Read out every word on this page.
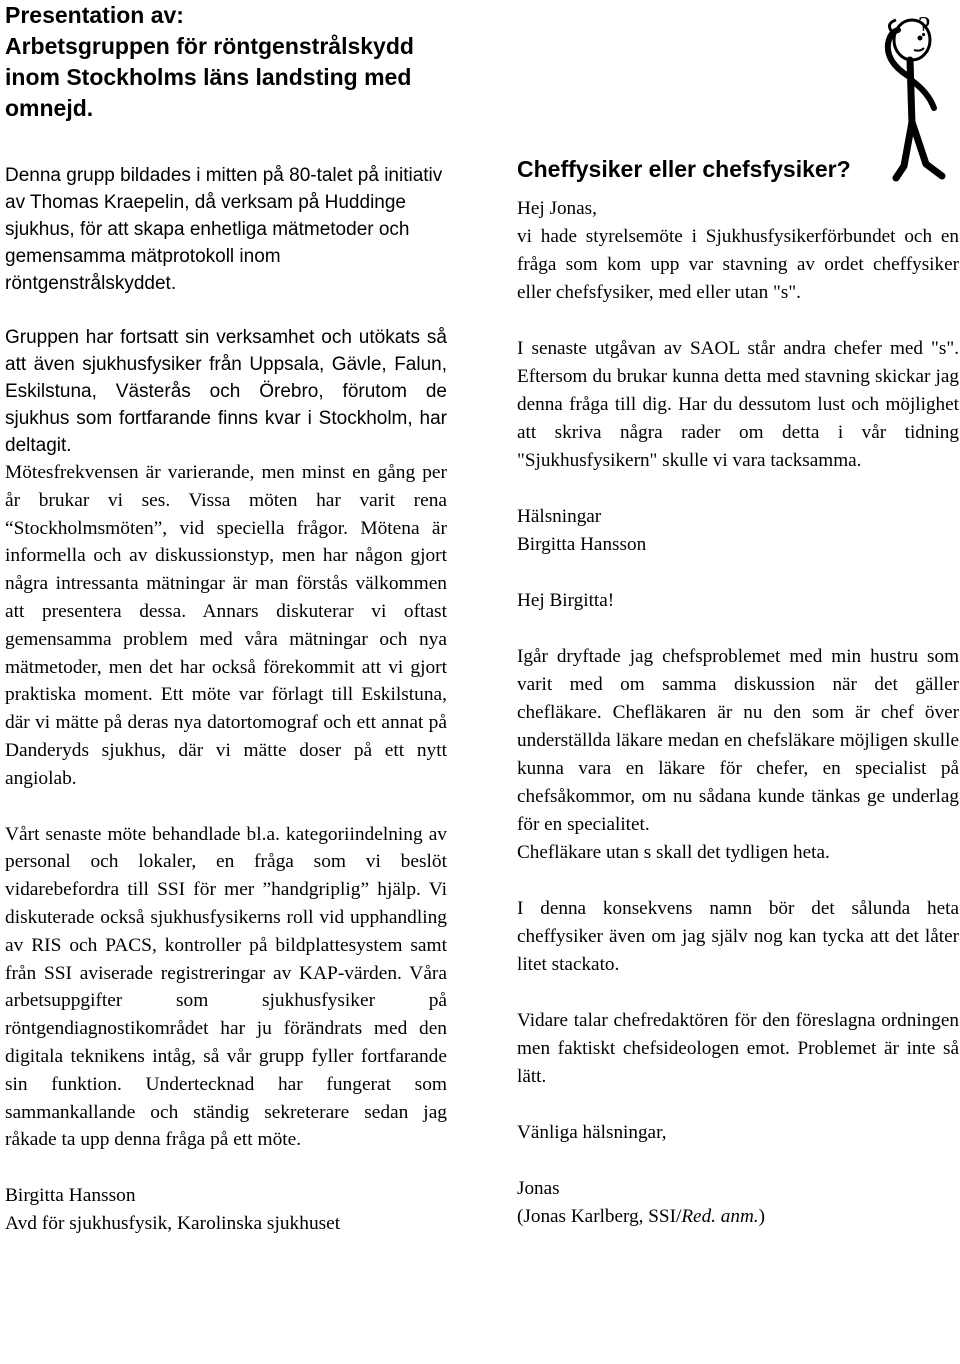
Presentation av:
Arbetsgruppen för röntgenstrålskydd
inom Stockholms läns landsting med
omnejd.

Denna grupp bildades i mitten på 80-talet på initiativ av Thomas Kraepelin, då verksam på Huddinge sjukhus, för att skapa enhetliga mätmetoder och gemensamma mätprotokoll inom röntgenstrålskyddet.

Gruppen har fortsatt sin verksamhet och utökats så att även sjukhusfysiker från Uppsala, Gävle, Falun, Eskilstuna, Västerås och Örebro, förutom de sjukhus som fortfarande finns kvar i Stockholm, har deltagit.

Mötesfrekvensen är varierande, men minst en gång per år brukar vi ses. Vissa möten har varit rena “Stockholmsmöten”, vid speciella frågor. Mötena är informella och av diskussionstyp, men har någon gjort några intressanta mätningar är man förstås välkommen att presentera dessa. Annars diskuterar vi oftast gemensamma problem med våra mätningar och nya mätmetoder, men det har också förekommit att vi gjort praktiska moment. Ett möte var förlagt till Eskilstuna, där vi mätte på deras nya datortomograf och ett annat på Danderyds sjukhus, där vi mätte doser på ett nytt angiolab.

Vårt senaste möte behandlade bl.a. kategoriindelning av personal och lokaler, en fråga som vi beslöt vidarebefordra till SSI för mer ”handgriplig” hjälp. Vi diskuterade också sjukhusfysikerns roll vid upphandling av RIS och PACS, kontroller på bildplattesystem samt från SSI aviserade registreringar av KAP-värden. Våra arbetsuppgifter som sjukhusfysiker på röntgendiagnostikområdet har ju förändrats med den digitala teknikens intåg, så vår grupp fyller fortfarande sin funktion. Undertecknad har fungerat som sammankallande och ständig sekreterare sedan jag råkade ta upp denna fråga på ett möte.

Birgitta Hansson
Avd för sjukhusfysik, Karolinska sjukhuset
?
Cheffysiker eller chefsfysiker?

Hej Jonas,

vi hade styrelsemöte i Sjukhusfysikerförbundet och en fråga som kom upp var stavning av ordet cheffysiker eller chefsfysiker, med eller utan "s".

I senaste utgåvan av SAOL står andra chefer med "s". Eftersom du brukar kunna detta med stavning skickar jag denna fråga till dig. Har du dessutom lust och möjlighet att skriva några rader om detta i vår tidning "Sjukhusfysikern" skulle vi vara tacksamma.

Hälsningar

Birgitta Hansson

Hej Birgitta!

Igår dryftade jag chefsproblemet med min hustru som varit med om samma diskussion när det gäller chefläkare. Chefläkaren är nu den som är chef över underställda läkare medan en chefsläkare möjligen skulle kunna vara en läkare för chefer, en specialist på chefsåkommor, om nu sådana kunde tänkas ge underlag för en specialitet.

Chefläkare utan s skall det tydligen heta.

I denna konsekvens namn bör det sålunda heta cheffysiker även om jag själv nog kan tycka att det låter litet stackato.

Vidare talar chefredaktören för den föreslagna ordningen men faktiskt chefsideologen emot. Problemet är inte så lätt.

Vänliga hälsningar,

Jonas

(Jonas Karlberg, SSI/Red. anm.)
